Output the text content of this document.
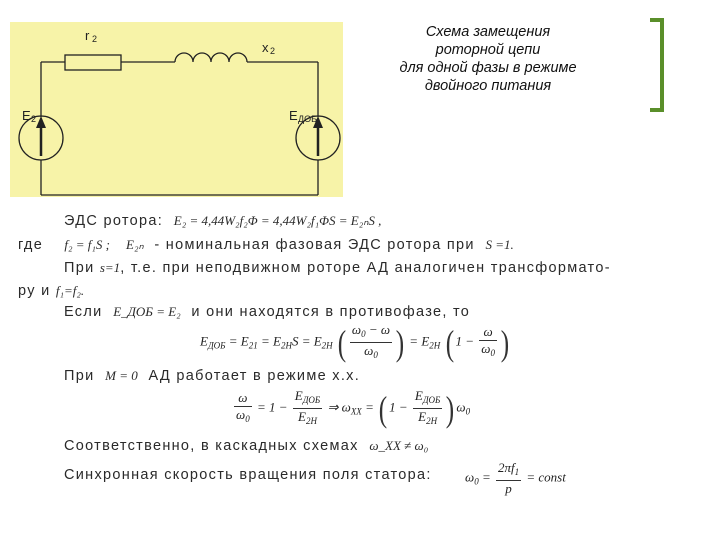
r 2
x 2
E 2	E ДОБ
Схема замещения
роторной цепи
для одной фазы в режиме
двойного питания
ЭДС ротора: E₂ = 4,44W₂f₂Φ = 4,44W₂f₁ΦS = E₂ₙS ,
где f₂ = f₁S ; E₂ₙ - номинальная фазовая ЭДС ротора при S =1.
При s=1, т.е. при неподвижном роторе АД аналогичен трансформато-
ру и f₁=f₂.
Если E_ДОБ = E₂ и они находятся в противофазе, то
$E_{ДОБ} = E_{21} = E_{2Н}S = E_{2Н}$ ( $\frac{\omega_0 - \omega}{\omega_0}$ ) = $E_{2Н}$ ( $1 - \frac{\omega}{\omega_0}$ )
При M = 0 АД работает в режиме х.х.
$\frac{\omega}{\omega_0} = 1 - \frac{E_{ДОБ}}{E_{2Н}}$ ⇒ $\omega_{XX}$ = ( $1 - \frac{E_{ДОБ}}{E_{2Н}}$ ) $\omega_0$
Соответственно, в каскадных схемах ω_XX ≠ ω₀
Синхронная скорость вращения поля статора:	$\omega_0 = \frac{2\pi f_1}{p}$ = const
